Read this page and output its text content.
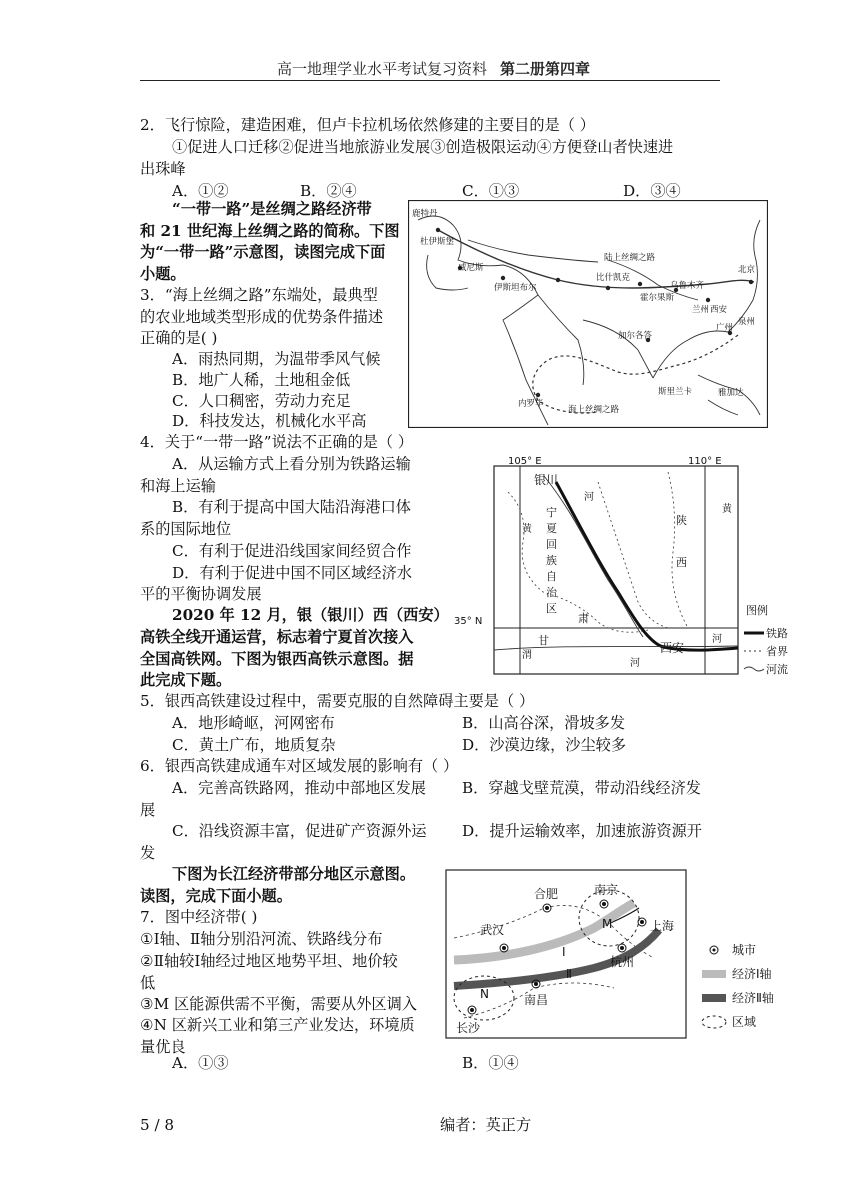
高一地理学业水平考试复习资料 第二册第四章
2．飞行惊险，建造困难，但卢卡拉机场依然修建的主要目的是（ ）
①促进人口迁移②促进当地旅游业发展③创造极限运动④方便登山者快速进
出珠峰
A．①②	B．②④	C．①③	D．③④
“一带一路”是丝绸之路经济带
和 21 世纪海上丝绸之路的简称。下图
为“一带一路”示意图，读图完成下面
小题。
3．“海上丝绸之路”东端处，最典型
的农业地域类型形成的优势条件描述
正确的是( )
A．雨热同期，为温带季风气候
B．地广人稀，土地租金低
C．人口稠密，劳动力充足
D．科技发达，机械化水平高
4．关于“一带一路”说法不正确的是（ ）
A．从运输方式上看分别为铁路运输
和海上运输
B．有利于提高中国大陆沿海港口体
系的国际地位
C．有利于促进沿线国家间经贸合作
D．有利于促进中国不同区域经济水
平的平衡协调发展
2020 年 12 月，银（银川）西（西安）
高铁全线开通运营，标志着宁夏首次接入
全国高铁网。下图为银西高铁示意图。据
此完成下题。
5．银西高铁建设过程中，需要克服的自然障碍主要是（ ）
A．地形崎岖，河网密布	B．山高谷深，滑坡多发
C．黄土广布，地质复杂	D．沙漠边缘，沙尘较多
6．银西高铁建成通车对区域发展的影响有（ ）
A．完善高铁路网，推动中部地区发展 B．穿越戈壁荒漠，带动沿线经济发
展
C．沿线资源丰富，促进矿产资源外运 D．提升运输效率，加速旅游资源开
发
下图为长江经济带部分地区示意图。
读图，完成下面小题。
7．图中经济带( )
①Ⅰ轴、Ⅱ轴分别沿河流、铁路线分布
②Ⅱ轴较Ⅰ轴经过地区地势平坦、地价较
低
③M 区能源供需不平衡，需要从外区调入
④N 区新兴工业和第三产业发达，环境质
量优良
A．①③	B．①④
鹿特丹
杜伊斯堡
威尼斯
伊斯坦布尔
陆上丝绸之路
比什凯克
霍尔果斯
乌鲁木齐
兰州 西安
北京
广州
泉州
加尔各答
内罗毕
斯里兰卡	雅加达
海上丝绸之路
105° E	110° E
35° N
银川
西安
宁
夏
回
族
自
治
区
甘
肃
陕
西
黄
河
黄
河
渭
河
图例
铁路
省界
河流
合肥	南京
上海
武汉
杭州
长沙
南昌
M
N
Ⅰ
Ⅱ
城市
经济Ⅰ轴
经济Ⅱ轴
区域
5 / 8	编者：英正方
